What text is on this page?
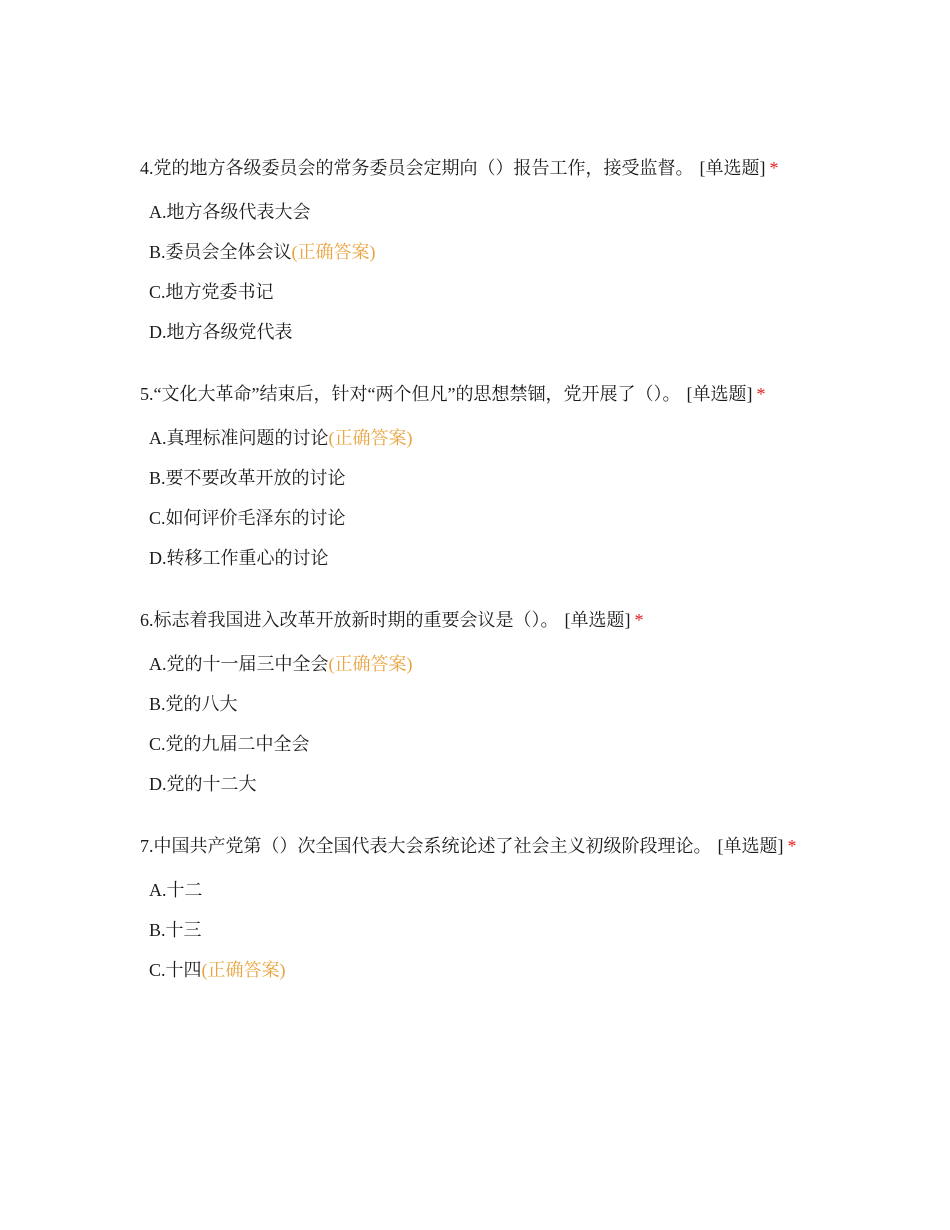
4.党的地方各级委员会的常务委员会定期向（）报告工作，接受监督。 [单选题] *
A.地方各级代表大会
B.委员会全体会议(正确答案)
C.地方党委书记
D.地方各级党代表
5.“文化大革命”结束后，针对“两个但凡”的思想禁锢，党开展了（）。 [单选题] *
A.真理标准问题的讨论(正确答案)
B.要不要改革开放的讨论
C.如何评价毛泽东的讨论
D.转移工作重心的讨论
6.标志着我国进入改革开放新时期的重要会议是（）。 [单选题] *
A.党的十一届三中全会(正确答案)
B.党的八大
C.党的九届二中全会
D.党的十二大
7.中国共产党第（）次全国代表大会系统论述了社会主义初级阶段理论。 [单选题] *
A.十二
B.十三
C.十四(正确答案)
